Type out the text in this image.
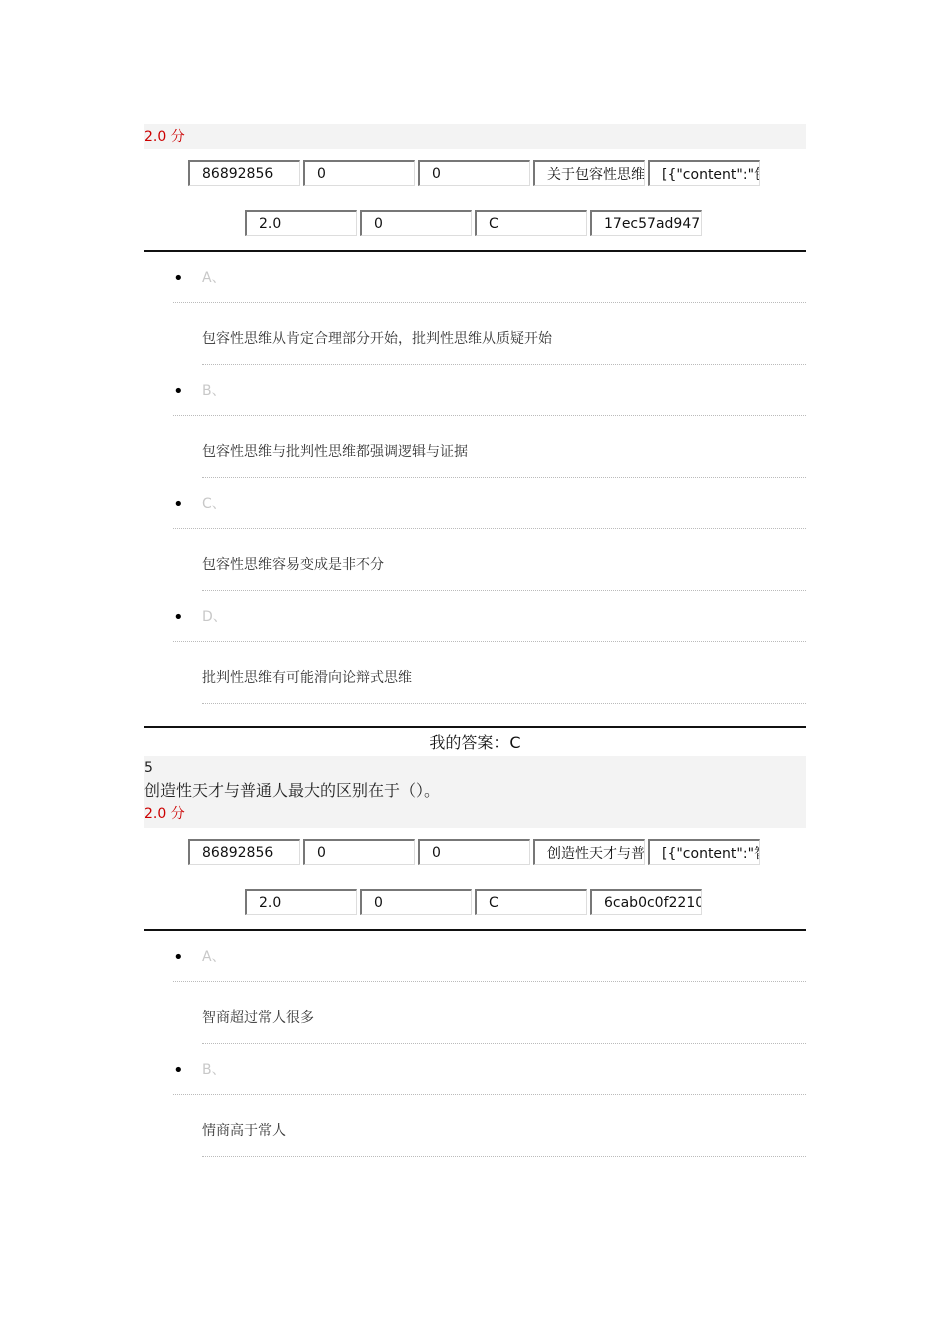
2.0 分
86892856
0
0
关于包容性思维
[{"content":"包容
2.0
0
C
17ec57ad9471
• A、
包容性思维从肯定合理部分开始，批判性思维从质疑开始
• B、
包容性思维与批判性思维都强调逻辑与证据
• C、
包容性思维容易变成是非不分
• D、
批判性思维有可能滑向论辩式思维
我的答案：C
5
创造性天才与普通人最大的区别在于（）。
2.0 分
86892856
0
0
创造性天才与普
[{"content":"智商
2.0
0
C
6cab0c0f22104
• A、
智商超过常人很多
• B、
情商高于常人
